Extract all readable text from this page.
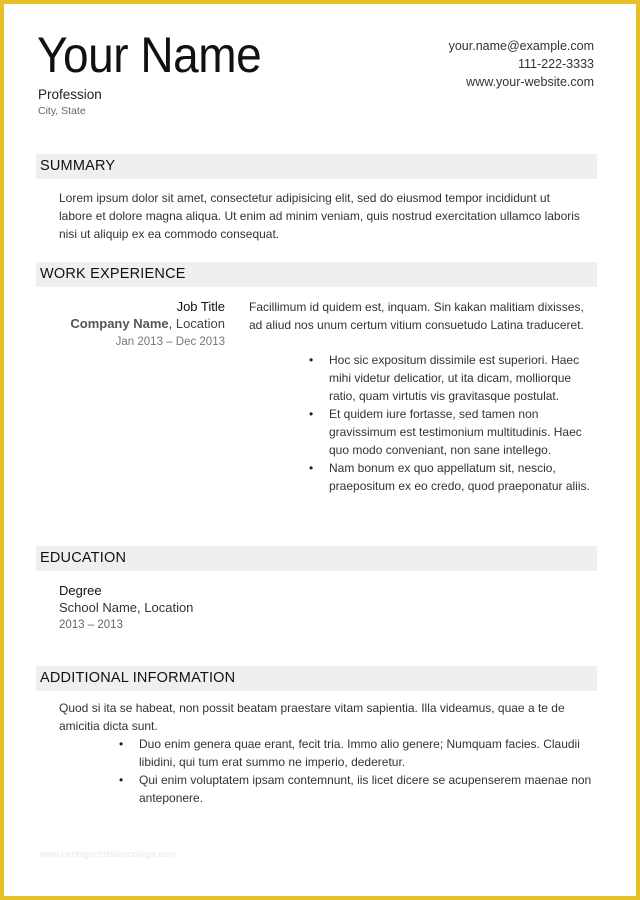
Your Name
Profession
City, State
your.name@example.com
111-222-3333
www.your-website.com
SUMMARY

Lorem ipsum dolor sit amet, consectetur adipisicing elit, sed do eiusmod tempor incididunt ut labore et dolore magna aliqua. Ut enim ad minim veniam, quis nostrud exercitation ullamco laboris nisi ut aliquip ex ea commodo consequat.

WORK EXPERIENCE
Job Title
Company Name, Location
Jan 2013 – Dec 2013

Facillimum id quidem est, inquam. Sin kakan malitiam dixisses, ad aliud nos unum certum vitium consuetudo Latina traduceret.

• Hoc sic expositum dissimile est superiori. Haec mihi videtur delicatior, ut ita dicam, molliorque ratio, quam virtutis vis gravitasque postulat.
• Et quidem iure fortasse, sed tamen non gravissimum est testimonium multitudinis. Haec quo modo conveniant, non sane intellego.
• Nam bonum ex quo appellatum sit, nescio, praepositum ex eo credo, quod praeponatur aliis.
EDUCATION
Degree
School Name, Location
2013 – 2013
ADDITIONAL INFORMATION

Quod si ita se habeat, non possit beatam praestare vitam sapientia. Illa videamus, quae a te de amicitia dicta sunt.

• Duo enim genera quae erant, fecit tria. Immo alio genere; Numquam facies. Claudii libidini, qui tum erat summo ne imperio, dederetur.
• Qui enim voluptatem ipsam contemnunt, iis licet dicere se acupenserem maenae non anteponere.
www.heritagechristiancollege.com
